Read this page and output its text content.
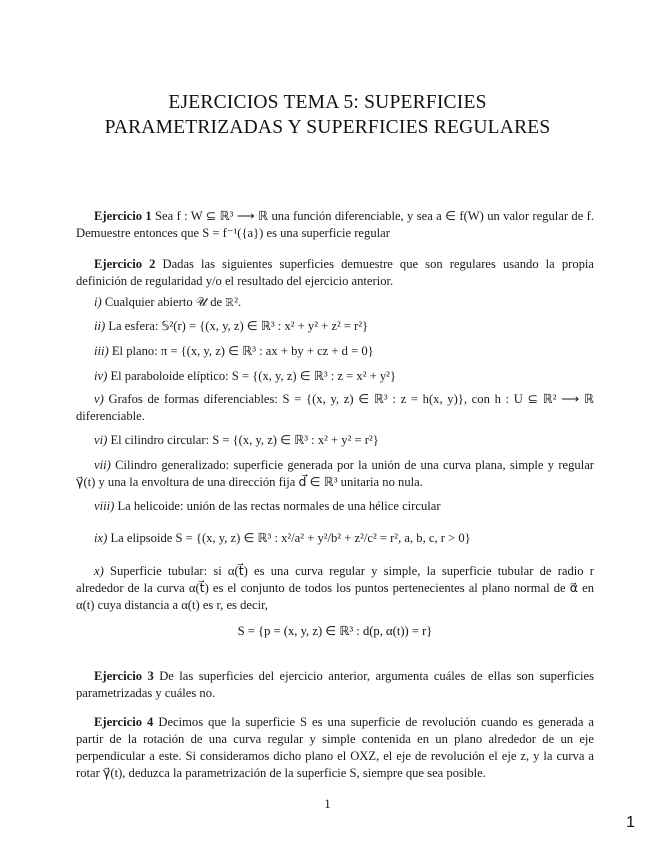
EJERCICIOS TEMA 5: SUPERFICIES
PARAMETRIZADAS Y SUPERFICIES REGULARES
Ejercicio 1 Sea f : W ⊆ ℝ³ ⟶ ℝ una función diferenciable, y sea a ∈ f(W) un valor regular de f. Demuestre entonces que S = f⁻¹({a}) es una superficie regular
Ejercicio 2 Dadas las siguientes superficies demuestre que son regulares usando la propia definición de regularidad y/o el resultado del ejercicio anterior.
i) Cualquier abierto 𝒰 de ℝ².
ii) La esfera: 𝕊²(r) = {(x, y, z) ∈ ℝ³ : x² + y² + z² = r²}
iii) El plano: π = {(x, y, z) ∈ ℝ³ : ax + by + cz + d = 0}
iv) El paraboloide elíptico: S = {(x, y, z) ∈ ℝ³ : z = x² + y²}
v) Grafos de formas diferenciables: S = {(x, y, z) ∈ ℝ³ : z = h(x, y)}, con h : U ⊆ ℝ² ⟶ ℝ diferenciable.
vi) El cilindro circular: S = {(x, y, z) ∈ ℝ³ : x² + y² = r²}
vii) Cilindro generalizado: superficie generada por la unión de una curva plana, simple y regular γ⃗(t) y una la envoltura de una dirección fija d⃗ ∈ ℝ³ unitaria no nula.
viii) La helicoide: unión de las rectas normales de una hélice circular
ix) La elipsoide S = {(x, y, z) ∈ ℝ³ : x²/a² + y²/b² + z²/c² = r², a, b, c, r > 0}
x) Superficie tubular: si α(t⃗) es una curva regular y simple, la superficie tubular de radio r alrededor de la curva α(t⃗) es el conjunto de todos los puntos pertenecientes al plano normal de α⃗ en α(t) cuya distancia a α(t) es r, es decir,
S = {p = (x, y, z) ∈ ℝ³ : d(p, α(t)) = r}
Ejercicio 3 De las superficies del ejercicio anterior, argumenta cuáles de ellas son superficies parametrizadas y cuáles no.
Ejercicio 4 Decimos que la superficie S es una superficie de revolución cuando es generada a partir de la rotación de una curva regular y simple contenida en un plano alrededor de un eje perpendicular a este. Si consideramos dicho plano el OXZ, el eje de revolución el eje z, y la curva a rotar γ⃗(t), deduzca la parametrización de la superficie S, siempre que sea posible.
1
1
